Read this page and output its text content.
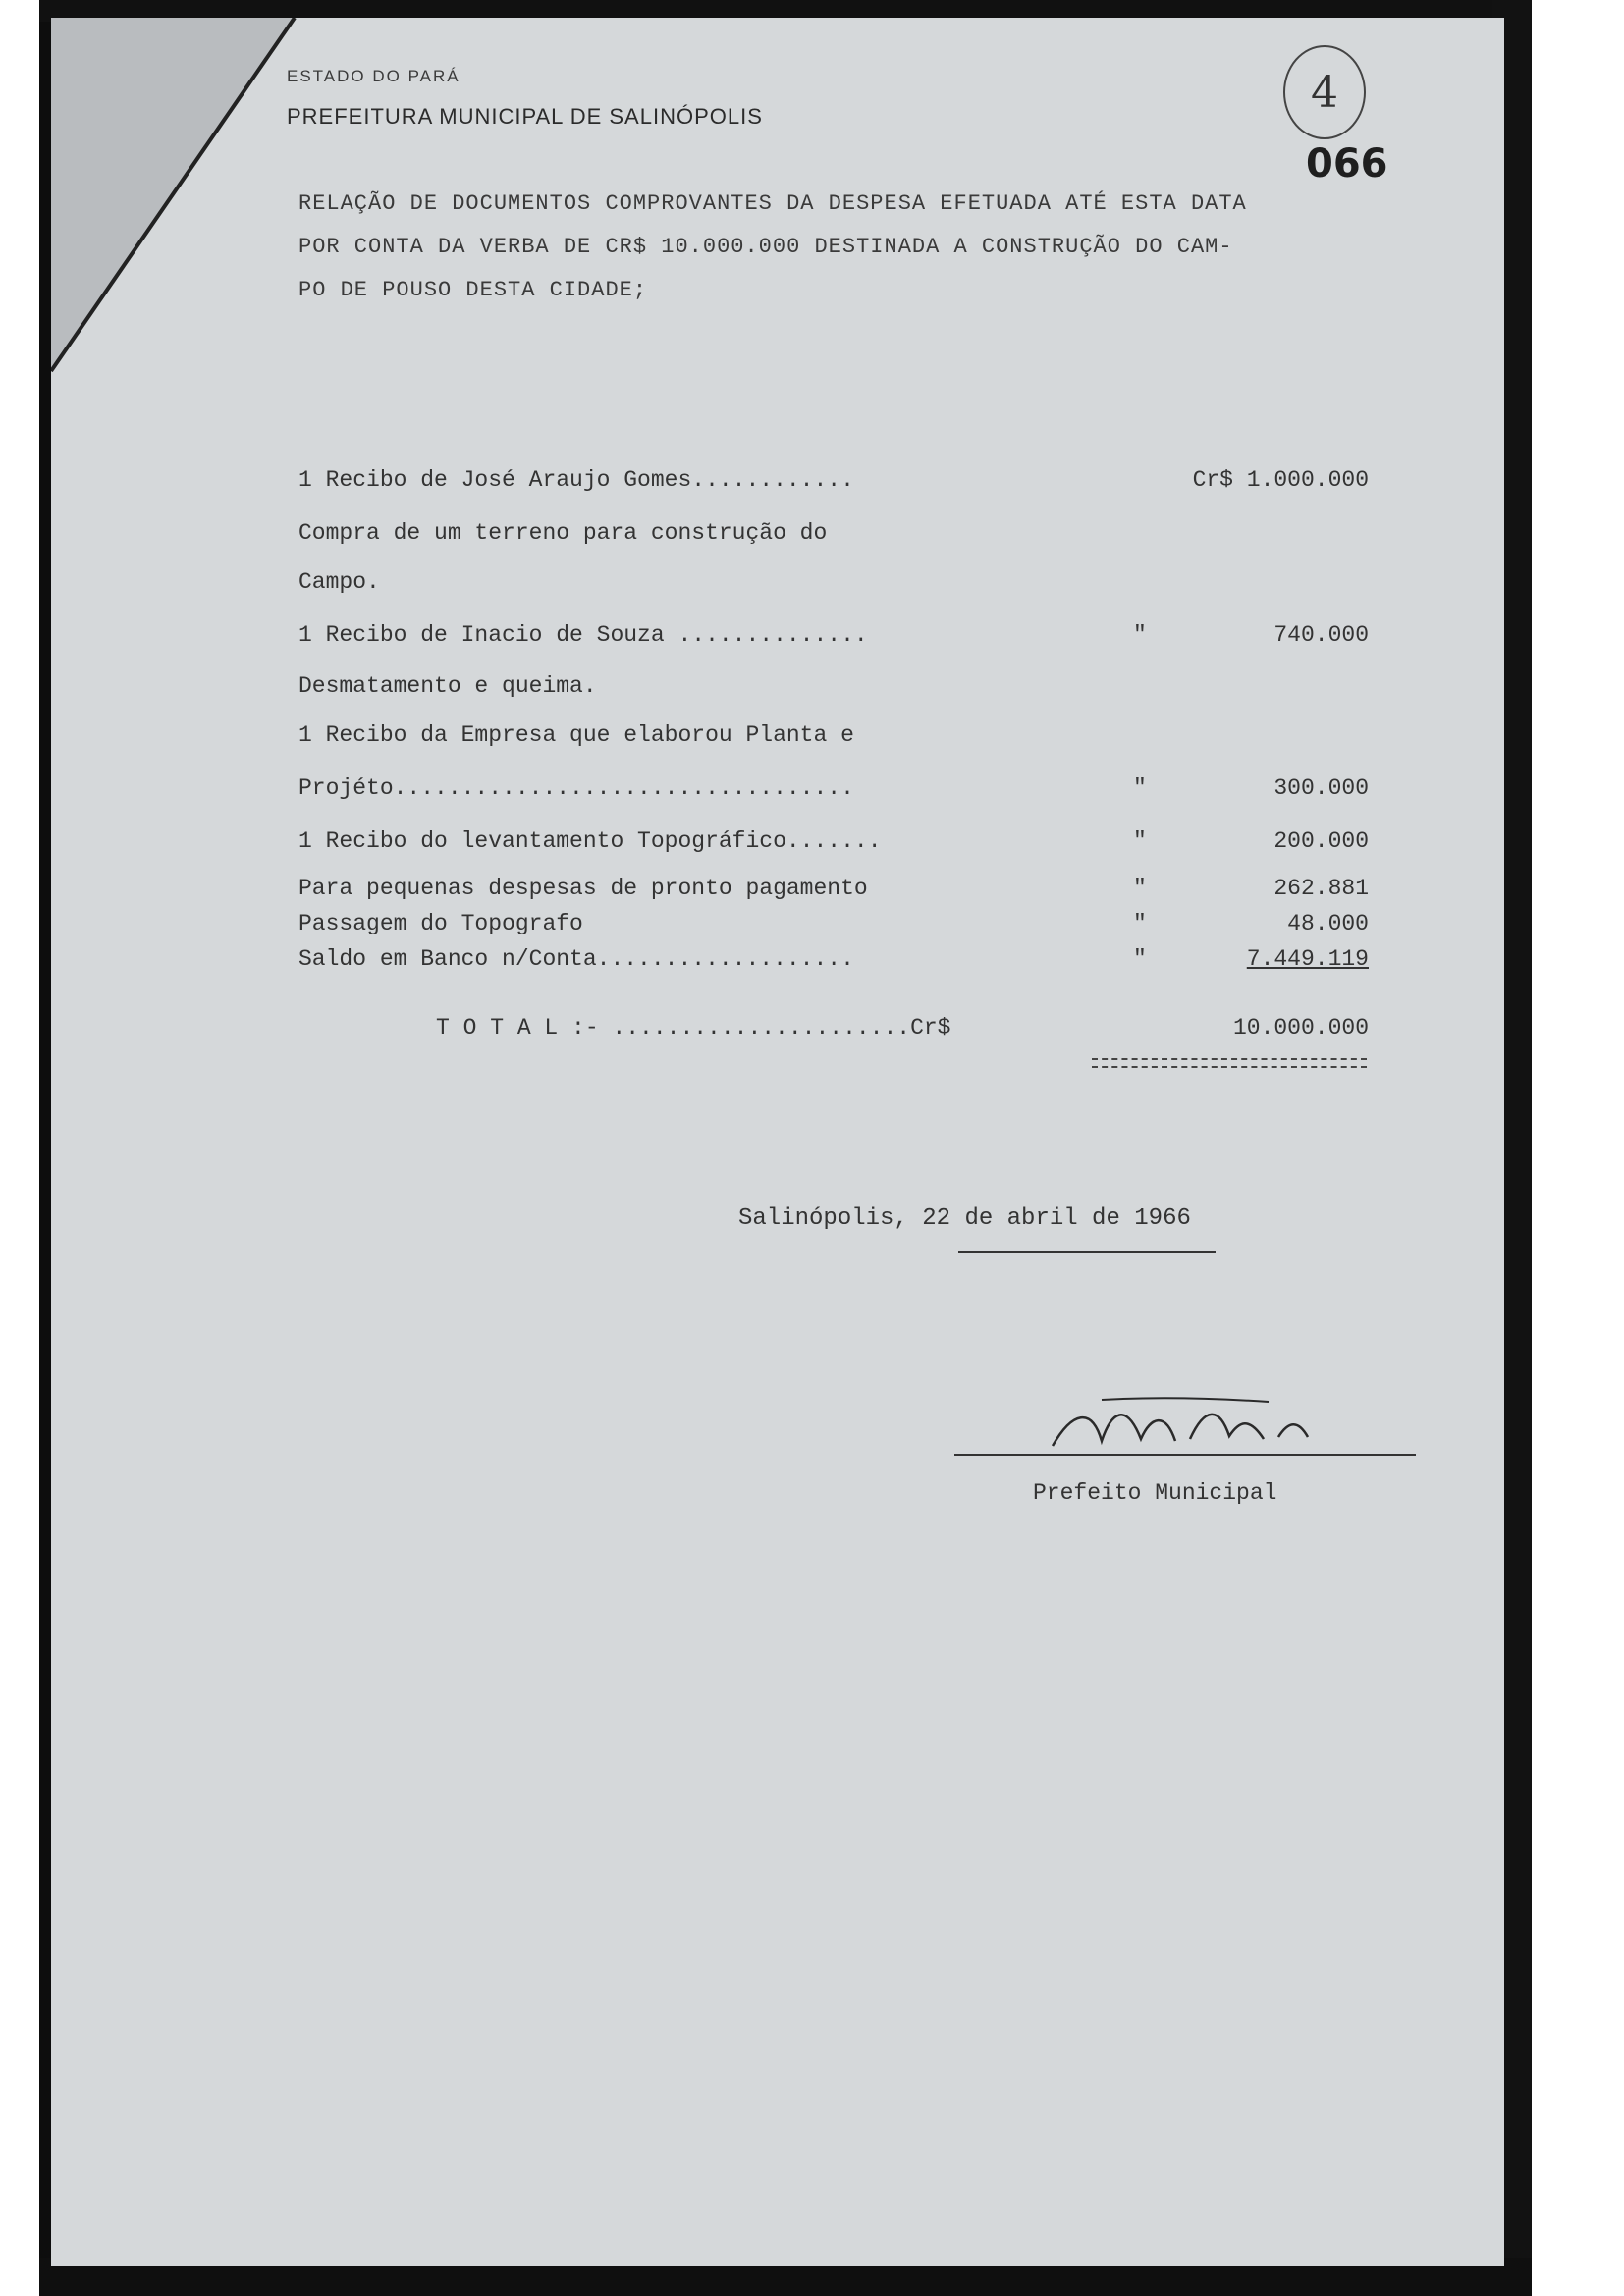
ESTADO DO PARÁ
PREFEITURA MUNICIPAL DE SALINÓPOLIS	4
066
RELAÇÃO DE DOCUMENTOS COMPROVANTES DA DESPESA EFETUADA ATÉ ESTA DATA
POR CONTA DA VERBA DE CR$ 10.000.000 DESTINADA A CONSTRUÇÃO DO CAM-
PO DE POUSO DESTA CIDADE;
1 Recibo de José Araujo Gomes............	Cr$ 1.000.000
Compra de um terreno para construção do
Campo.
1 Recibo de Inacio de Souza ..............	"	740.000
Desmatamento e queima.
1 Recibo da Empresa que elaborou Planta e
Projéto..................................	"	300.000
1 Recibo do levantamento Topográfico.......	"	200.000
Para pequenas despesas de pronto pagamento	"	262.881
Passagem do Topografo	"	48.000
Saldo em Banco n/Conta...................	"	7.449.119
T O T A L :- ......................Cr$	10.000.000
Salinópolis, 22 de abril de 1966
Prefeito Municipal
